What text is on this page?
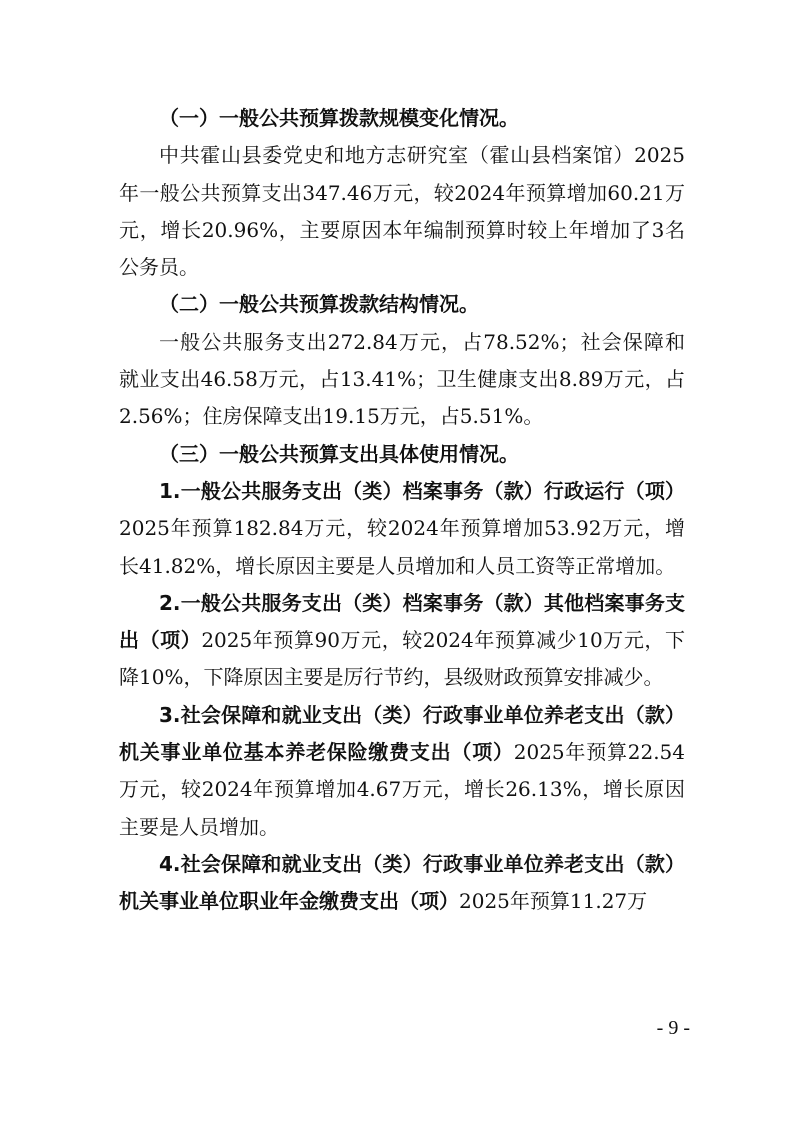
（一）一般公共预算拨款规模变化情况。

中共霍山县委党史和地方志研究室（霍山县档案馆）2025年一般公共预算支出347.46万元，较2024年预算增加60.21万元，增长20.96%，主要原因本年编制预算时较上年增加了3名公务员。

（二）一般公共预算拨款结构情况。

一般公共服务支出272.84万元，占78.52%；社会保障和就业支出46.58万元，占13.41%；卫生健康支出8.89万元，占2.56%；住房保障支出19.15万元，占5.51%。

（三）一般公共预算支出具体使用情况。

1.一般公共服务支出（类）档案事务（款）行政运行（项）2025年预算182.84万元，较2024年预算增加53.92万元，增长41.82%，增长原因主要是人员增加和人员工资等正常增加。

2.一般公共服务支出（类）档案事务（款）其他档案事务支出（项）2025年预算90万元，较2024年预算减少10万元，下降10%，下降原因主要是厉行节约，县级财政预算安排减少。

3.社会保障和就业支出（类）行政事业单位养老支出（款）机关事业单位基本养老保险缴费支出（项）2025年预算22.54万元，较2024年预算增加4.67万元，增长26.13%，增长原因主要是人员增加。

4.社会保障和就业支出（类）行政事业单位养老支出（款）机关事业单位职业年金缴费支出（项）2025年预算11.27万

- 9 -
